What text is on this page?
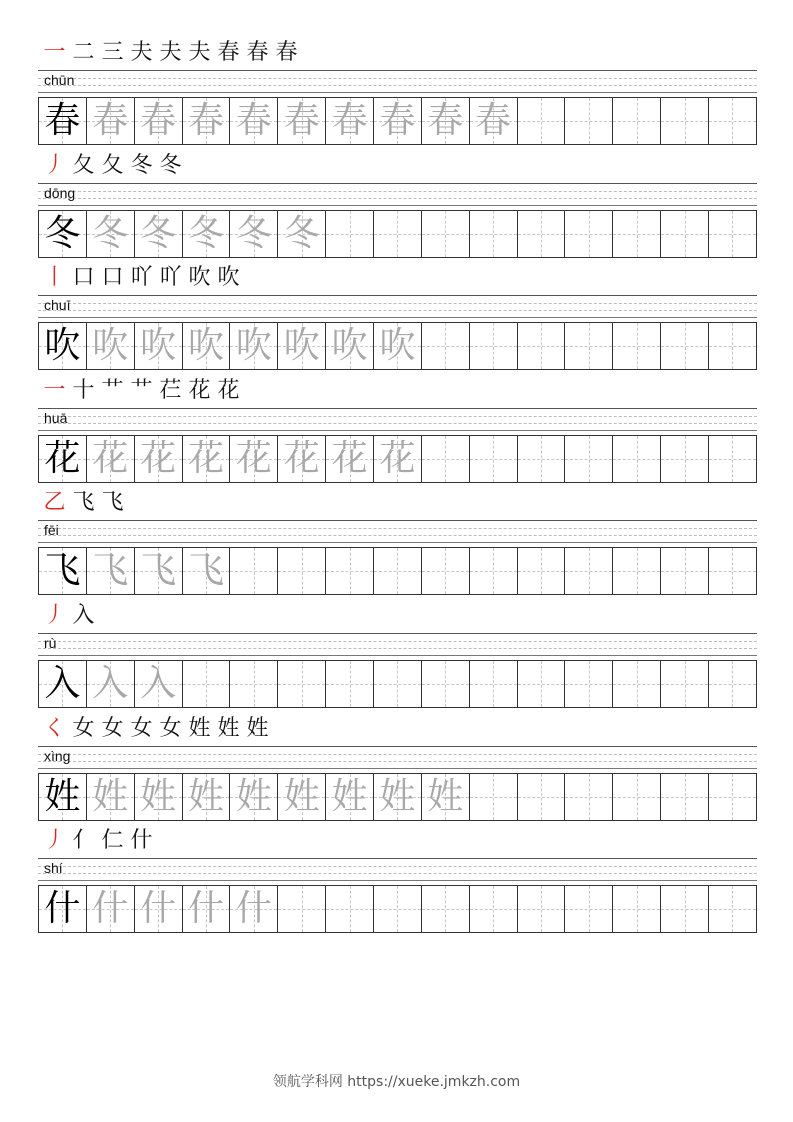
一 二 三 夫 夫 夫 春 春 春
chūn
春 春 春 春 春 春 春 春 春 春
丿 夂 夂 冬 冬
dōng
冬 冬 冬 冬 冬 冬
丨 口 口 吖 吖 吹 吹
chuī
吹 吹 吹 吹 吹 吹 吹 吹
一 十 艹 艹 芢 花 花
huā
花 花 花 花 花 花 花 花
乙 飞 飞
fēi
飞 飞 飞 飞
丿 入
rù
入 入 入
く 女 女 女 女 姓 姓 姓
xìng
姓 姓 姓 姓 姓 姓 姓 姓 姓
丿 亻 仁 什
shí
什 什 什 什 什
领航学科网 https://xueke.jmkzh.com
